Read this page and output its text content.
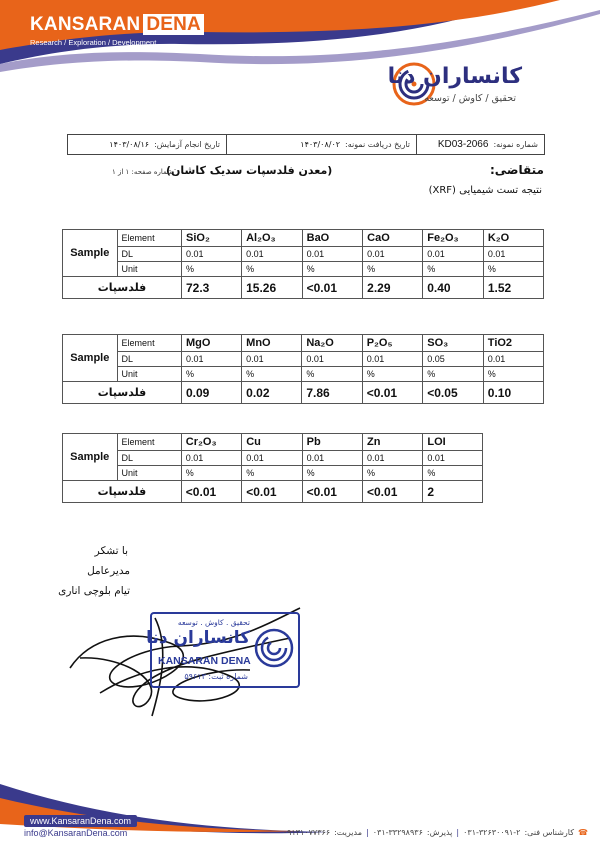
KANSARAN DENA
Research / Exploration / Development
کانساران دنا
تحقیق / کاوش / توسعه
شماره نمونه:
KD03-2066
تاریخ دریافت نمونه:
۱۴۰۳/۰۸/۰۲
تاریخ انجام آزمایش:
۱۴۰۳/۰۸/۱۶
متقاضی:  (معدن فلدسپات سدیک کاشان)
شماره صفحه: ۱ از ۱
نتیجه تست شیمیایی (XRF)
Sample	Element	SiO₂	Al₂O₃	BaO	CaO	Fe₂O₃	K₂O
	DL	0.01	0.01	0.01	0.01	0.01	0.01
	Unit	%	%	%	%	%	%
فلدسپات		72.3	15.26	<0.01	2.29	0.40	1.52
Sample	Element	MgO	MnO	Na₂O	P₂O₅	SO₃	TiO2
	DL	0.01	0.01	0.01	0.01	0.05	0.01
	Unit	%	%	%	%	%	%
فلدسپات		0.09	0.02	7.86	<0.01	<0.05	0.10
Sample	Element	Cr₂O₃	Cu	Pb	Zn	LOI
	DL	0.01	0.01	0.01	0.01	0.01
	Unit	%	%	%	%	%
فلدسپات		<0.01	<0.01	<0.01	<0.01	2
با تشکر
مدیرعامل
تیام بلوچی اناری
تحقیق . کاوش . توسعه
کانساران دنا
KANSARAN DENA
شماره ثبت: ۵۹۶۱۳
www.KansaranDena.com
info@KansaranDena.com	☎
کارشناس فنی:
۰۳۱-۳۲۶۳۰۰۹۱-۲
|
پذیرش:
۰۳۱-۳۳۲۹۸۹۳۶
|
مدیریت:
۰۹۱۳۱۰۷۷۳۶۶
